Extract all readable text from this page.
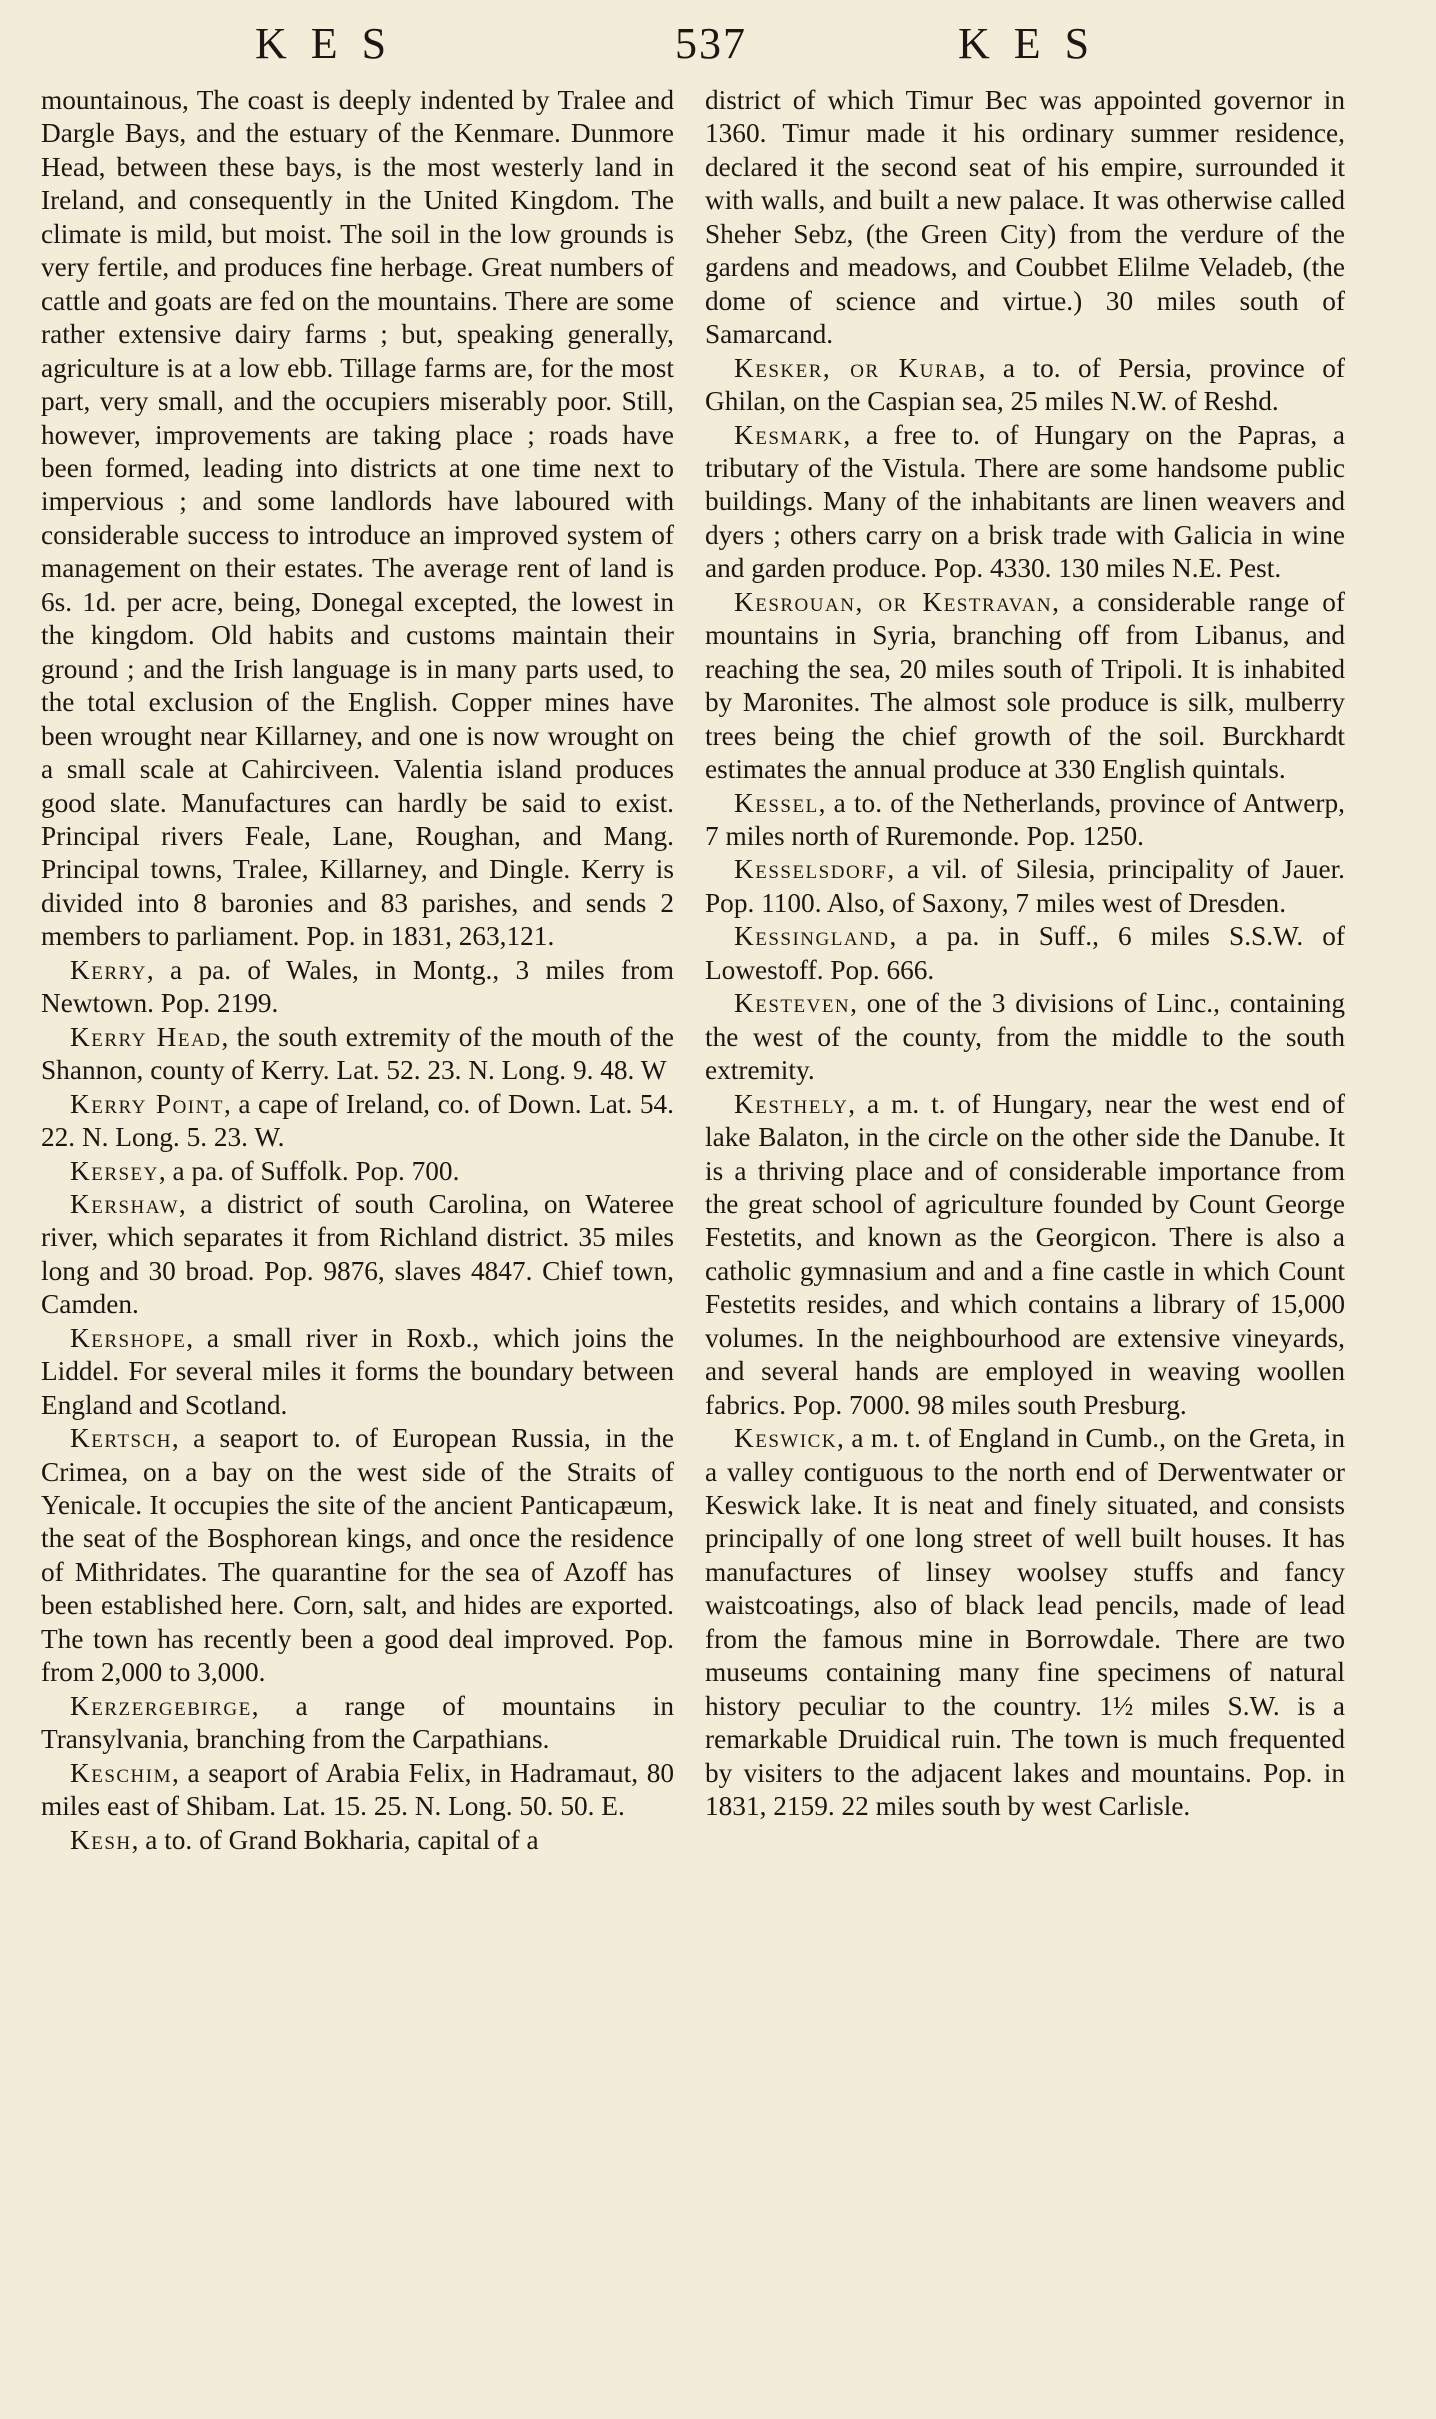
KES	537	KES

mountainous, The coast is deeply indented by Tralee and Dargle Bays, and the estuary of the Kenmare. Dunmore Head, between these bays, is the most westerly land in Ireland, and consequently in the United Kingdom. The climate is mild, but moist. The soil in the low grounds is very fertile, and produces fine herbage. Great numbers of cattle and goats are fed on the mountains. There are some rather extensive dairy farms ; but, speaking generally, agriculture is at a low ebb. Tillage farms are, for the most part, very small, and the occupiers miserably poor. Still, however, improvements are taking place ; roads have been formed, leading into districts at one time next to impervious ; and some landlords have laboured with considerable success to introduce an improved system of management on their estates. The average rent of land is 6s. 1d. per acre, being, Donegal excepted, the lowest in the kingdom. Old habits and customs maintain their ground ; and the Irish language is in many parts used, to the total exclusion of the English. Copper mines have been wrought near Killarney, and one is now wrought on a small scale at Cahirciveen. Valentia island produces good slate. Manufactures can hardly be said to exist. Principal rivers Feale, Lane, Roughan, and Mang. Principal towns, Tralee, Killarney, and Dingle. Kerry is divided into 8 baronies and 83 parishes, and sends 2 members to parliament. Pop. in 1831, 263,121.

Kerry, a pa. of Wales, in Montg., 3 miles from Newtown. Pop. 2199.

Kerry Head, the south extremity of the mouth of the Shannon, county of Kerry. Lat. 52. 23. N. Long. 9. 48. W

Kerry Point, a cape of Ireland, co. of Down. Lat. 54. 22. N. Long. 5. 23. W.

Kersey, a pa. of Suffolk. Pop. 700.

Kershaw, a district of south Carolina, on Wateree river, which separates it from Richland district. 35 miles long and 30 broad. Pop. 9876, slaves 4847. Chief town, Camden.

Kershope, a small river in Roxb., which joins the Liddel. For several miles it forms the boundary between England and Scotland.

Kertsch, a seaport to. of European Russia, in the Crimea, on a bay on the west side of the Straits of Yenicale. It occupies the site of the ancient Panticapæum, the seat of the Bosphorean kings, and once the residence of Mithridates. The quarantine for the sea of Azoff has been established here. Corn, salt, and hides are exported. The town has recently been a good deal improved. Pop. from 2,000 to 3,000.

Kerzergebirge, a range of mountains in Transylvania, branching from the Carpathians.

Keschim, a seaport of Arabia Felix, in Hadramaut, 80 miles east of Shibam. Lat. 15. 25. N. Long. 50. 50. E.

Kesh, a to. of Grand Bokharia, capital of a

district of which Timur Bec was appointed governor in 1360. Timur made it his ordinary summer residence, declared it the second seat of his empire, surrounded it with walls, and built a new palace. It was otherwise called Sheher Sebz, (the Green City) from the verdure of the gardens and meadows, and Coubbet Elilme Veladeb, (the dome of science and virtue.) 30 miles south of Samarcand.

Kesker, or Kurab, a to. of Persia, province of Ghilan, on the Caspian sea, 25 miles N.W. of Reshd.

Kesmark, a free to. of Hungary on the Papras, a tributary of the Vistula. There are some handsome public buildings. Many of the inhabitants are linen weavers and dyers ; others carry on a brisk trade with Galicia in wine and garden produce. Pop. 4330. 130 miles N.E. Pest.

Kesrouan, or Kestravan, a considerable range of mountains in Syria, branching off from Libanus, and reaching the sea, 20 miles south of Tripoli. It is inhabited by Maronites. The almost sole produce is silk, mulberry trees being the chief growth of the soil. Burckhardt estimates the annual produce at 330 English quintals.

Kessel, a to. of the Netherlands, province of Antwerp, 7 miles north of Ruremonde. Pop. 1250.

Kesselsdorf, a vil. of Silesia, principality of Jauer. Pop. 1100. Also, of Saxony, 7 miles west of Dresden.

Kessingland, a pa. in Suff., 6 miles S.S.W. of Lowestoff. Pop. 666.

Kesteven, one of the 3 divisions of Linc., containing the west of the county, from the middle to the south extremity.

Kesthely, a m. t. of Hungary, near the west end of lake Balaton, in the circle on the other side the Danube. It is a thriving place and of considerable importance from the great school of agriculture founded by Count George Festetits, and known as the Georgicon. There is also a catholic gymnasium and and a fine castle in which Count Festetits resides, and which contains a library of 15,000 volumes. In the neighbourhood are extensive vineyards, and several hands are employed in weaving woollen fabrics. Pop. 7000. 98 miles south Presburg.

Keswick, a m. t. of England in Cumb., on the Greta, in a valley contiguous to the north end of Derwentwater or Keswick lake. It is neat and finely situated, and consists principally of one long street of well built houses. It has manufactures of linsey woolsey stuffs and fancy waistcoatings, also of black lead pencils, made of lead from the famous mine in Borrowdale. There are two museums containing many fine specimens of natural history peculiar to the country. 1½ miles S.W. is a remarkable Druidical ruin. The town is much frequented by visiters to the adjacent lakes and mountains. Pop. in 1831, 2159. 22 miles south by west Carlisle.
